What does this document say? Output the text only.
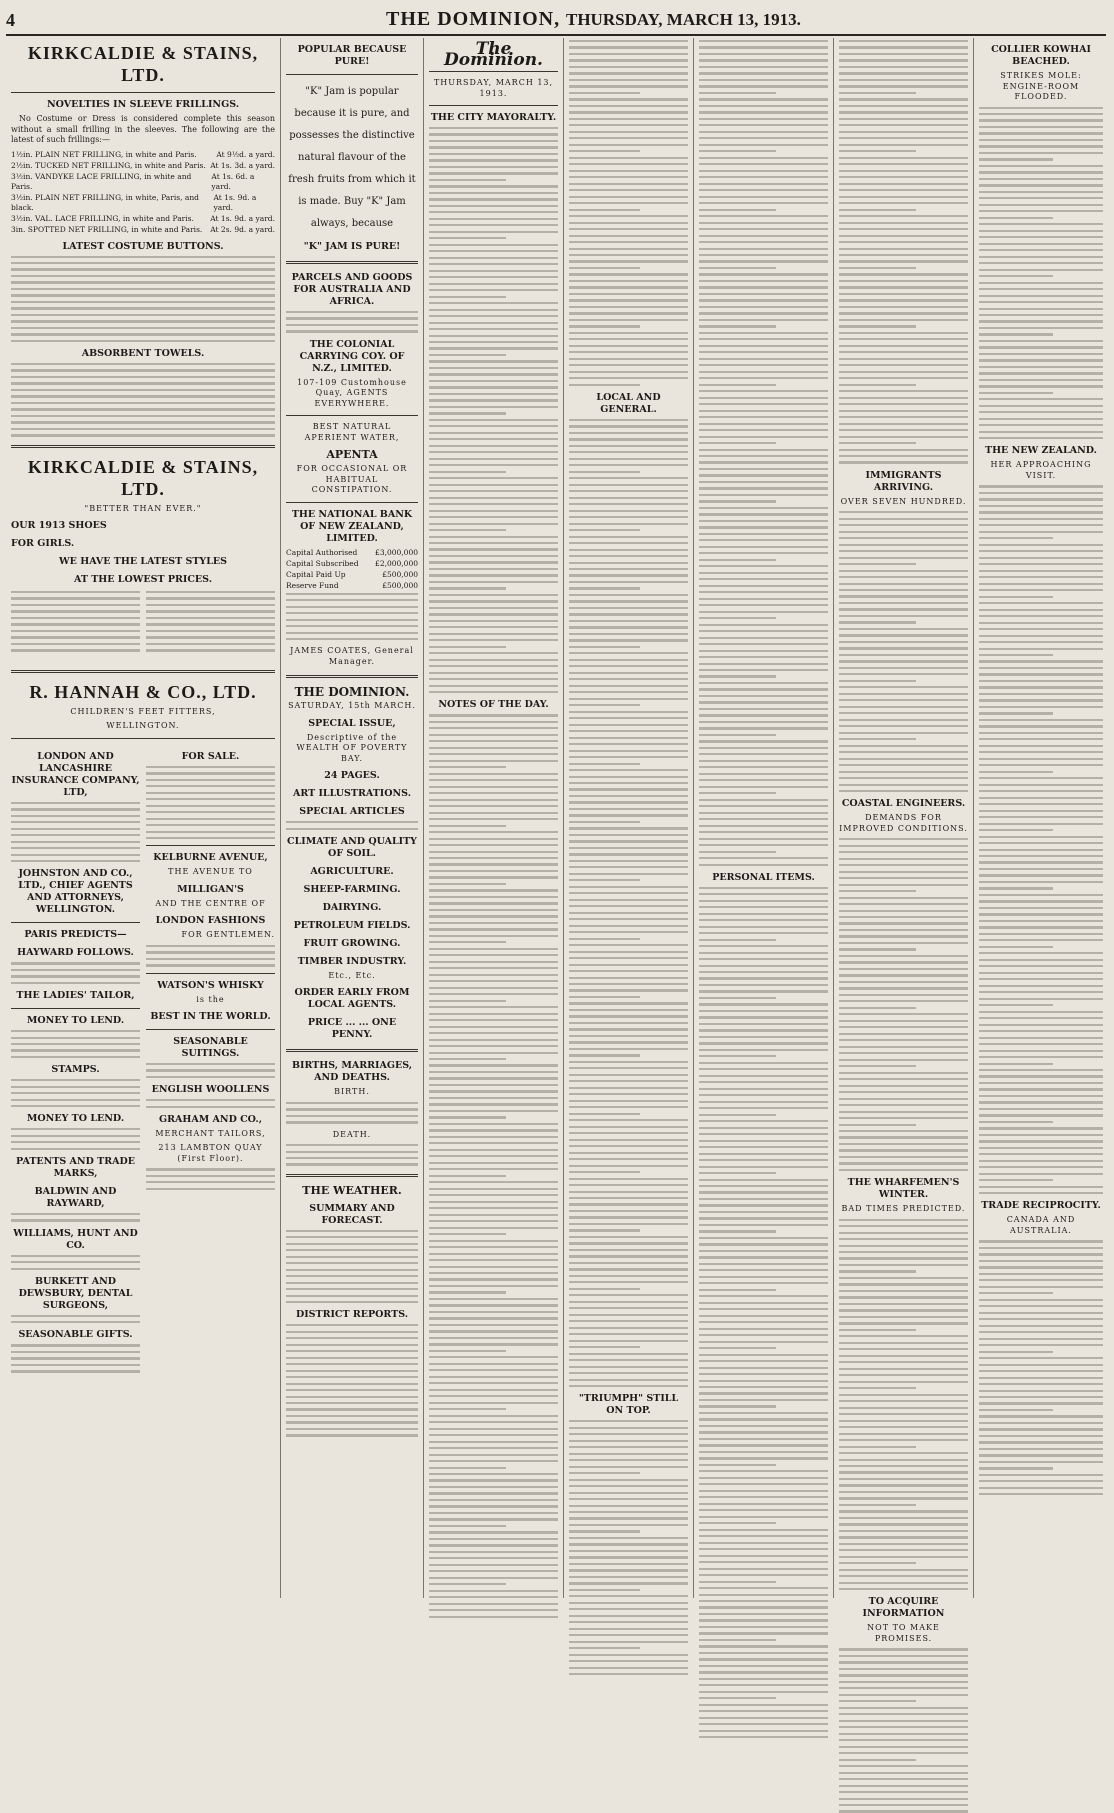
4	THE DOMINION, THURSDAY, MARCH 13, 1913.
KIRKCALDIE & STAINS, LTD.
NOVELTIES IN SLEEVE FRILLINGS.
No Costume or Dress is considered complete this season without a small frilling in the sleeves. The following are the latest of such frillings:—
1½in. PLAIN NET FRILLING, in white and Paris.	At 9½d. a yard.
2½in. TUCKED NET FRILLING, in white and Paris. At 1s. 3d. a yard.
3½in. VANDYKE LACE FRILLING, in white and Paris.
At 1s. 6d. a yard.
3½in. PLAIN NET FRILLING, in white, Paris, and black.
At 1s. 9d. a yard.
3½in. VAL. LACE FRILLING, in white and Paris. At 1s. 9d. a yard.
3in. SPOTTED NET FRILLING, in white and Paris. At 2s. 9d. a yard.
LATEST COSTUME BUTTONS.
ABSORBENT TOWELS.
KIRKCALDIE & STAINS, LTD.
"BETTER THAN EVER."
OUR 1913 SHOES
FOR GIRLS.
WE HAVE THE LATEST STYLES
AT THE LOWEST PRICES.
R. HANNAH & CO., LTD.
CHILDREN'S FEET FITTERS,
WELLINGTON.
LONDON AND LANCASHIRE INSURANCE COMPANY, LTD,
JOHNSTON AND CO., LTD., CHIEF AGENTS AND ATTORNEYS, WELLINGTON.
PARIS PREDICTS—
HAYWARD FOLLOWS.
THE LADIES' TAILOR,
MONEY TO LEND.
STAMPS.
MONEY TO LEND.
PATENTS AND TRADE MARKS,
BALDWIN AND RAYWARD,
WILLIAMS, HUNT AND CO.
BURKETT AND DEWSBURY, DENTAL SURGEONS,
SEASONABLE GIFTS.
FOR SALE.
KELBURNE AVENUE,
THE AVENUE TO
MILLIGAN'S
AND THE CENTRE OF
LONDON FASHIONS
FOR GENTLEMEN.
WATSON'S WHISKY
is the
BEST IN THE WORLD.
SEASONABLE SUITINGS.
ENGLISH WOOLLENS
GRAHAM AND CO.,
MERCHANT TAILORS,
213 LAMBTON QUAY (First Floor).
POPULAR BECAUSE PURE!
"K" Jam is popular because it is pure, and possesses the distinctive natural flavour of the fresh fruits from which it is made. Buy "K" Jam always, because
"K" JAM IS PURE!
PARCELS AND GOODS FOR AUSTRALIA AND AFRICA.
THE COLONIAL CARRYING COY. OF N.Z., LIMITED.
107-109 Customhouse Quay, AGENTS EVERYWHERE.
BEST NATURAL APERIENT WATER,
APENTA
FOR OCCASIONAL OR HABITUAL CONSTIPATION.
THE NATIONAL BANK OF NEW ZEALAND, LIMITED.
Capital Authorised £3,000,000
Capital Subscribed £2,000,000
Capital Paid Up	£500,000
Reserve Fund	£500,000
JAMES COATES, General Manager.
THE DOMINION.
SATURDAY, 15th MARCH.
SPECIAL ISSUE,
Descriptive of the WEALTH OF POVERTY BAY.
24 PAGES.
ART ILLUSTRATIONS.
SPECIAL ARTICLES
CLIMATE AND QUALITY OF SOIL.
AGRICULTURE.
SHEEP-FARMING.
DAIRYING.
PETROLEUM FIELDS.
FRUIT GROWING.
TIMBER INDUSTRY.
Etc., Etc.
ORDER EARLY FROM LOCAL AGENTS.
PRICE ... ... ONE PENNY.
BIRTHS, MARRIAGES, AND DEATHS.
BIRTH.
DEATH.
THE WEATHER.
SUMMARY AND FORECAST.
DISTRICT REPORTS.
The Dominion.
THURSDAY, MARCH 13, 1913.
THE CITY MAYORALTY.
NOTES OF THE DAY.
LOCAL AND GENERAL.
"TRIUMPH" STILL ON TOP.
PERSONAL ITEMS.
IMMIGRANTS ARRIVING.
OVER SEVEN HUNDRED.
COASTAL ENGINEERS.
DEMANDS FOR IMPROVED CONDITIONS.
THE WHARFEMEN'S WINTER.
BAD TIMES PREDICTED.
TO ACQUIRE INFORMATION
NOT TO MAKE PROMISES.
COLLIER KOWHAI BEACHED.
STRIKES MOLE: ENGINE-ROOM FLOODED.
THE NEW ZEALAND.
HER APPROACHING VISIT.
TRADE RECIPROCITY.
CANADA AND AUSTRALIA.
